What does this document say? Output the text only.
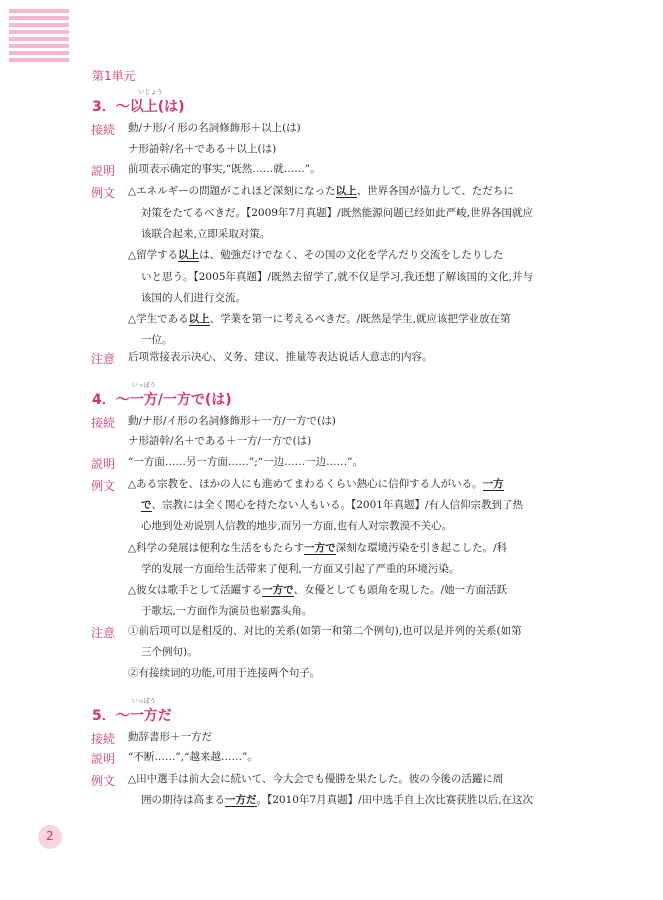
第1単元
3．～以
いじょう
上(は)
接続 動/ナ形/イ形の名詞修飾形＋以上(は)
ナ形語幹/名＋である＋以上(は)
説明 前项表示确定的事实,“既然……就……”。
例文 △エネルギーの問題がこれほど深刻になった以上、世界各国が協力して、ただちに
対策をたてるべきだ。【2009年7月真题】/既然能源问题已经如此严峻,世界各国就应
该联合起来,立即采取对策。
△留学する以上は、勉強だけでなく、その国の文化を学んだり交流をしたりした
いと思う。【2005年真题】/既然去留学了,就不仅是学习,我还想了解该国的文化,并与
该国的人们进行交流。
△学生である以上、学業を第一に考えるべきだ。/既然是学生,就应该把学业放在第
一位。
注意 后项常接表示决心、义务、建议、推量等表达说话人意志的内容。
4．～
いっぽう
一方/一方で(は)
接続 動/ナ形/イ形の名詞修飾形＋一方/一方で(は)
ナ形語幹/名＋である＋一方/一方で(は)
説明 “一方面……另一方面……”;“一边……一边……”。
例文 △ある宗教を、ほかの人にも進めてまわるくらい熱心に信仰する人がいる。一方
で、宗教には全く関心を持たない人もいる。【2001年真题】/有人信仰宗教到了热
心地到处劝说别人信教的地步,而另一方面,也有人对宗教漠不关心。
△科学の発展は便利な生活をもたらす一方で深刻な環境汚染を引き起こした。/科
学的发展一方面给生活带来了便利,一方面又引起了严重的环境污染。
△彼女は歌手として活躍する一方で、女優としても頭角を現した。/她一方面活跃
于歌坛,一方面作为演员也崭露头角。
注意 ①前后项可以是相反的、对比的关系(如第一和第二个例句),也可以是并列的关系(如第
三个例句)。
②有接续词的功能,可用于连接两个句子。
5．～
いっぽう
一方だ
接続 動辞書形＋一方だ
説明 “不断……”,“越来越……”。
例文 △田中選手は前大会に続いて、今大会でも優勝を果たした。彼の今後の活躍に周
囲の期待は高まる一方だ。【2010年7月真题】/田中选手自上次比赛获胜以后,在这次
2
